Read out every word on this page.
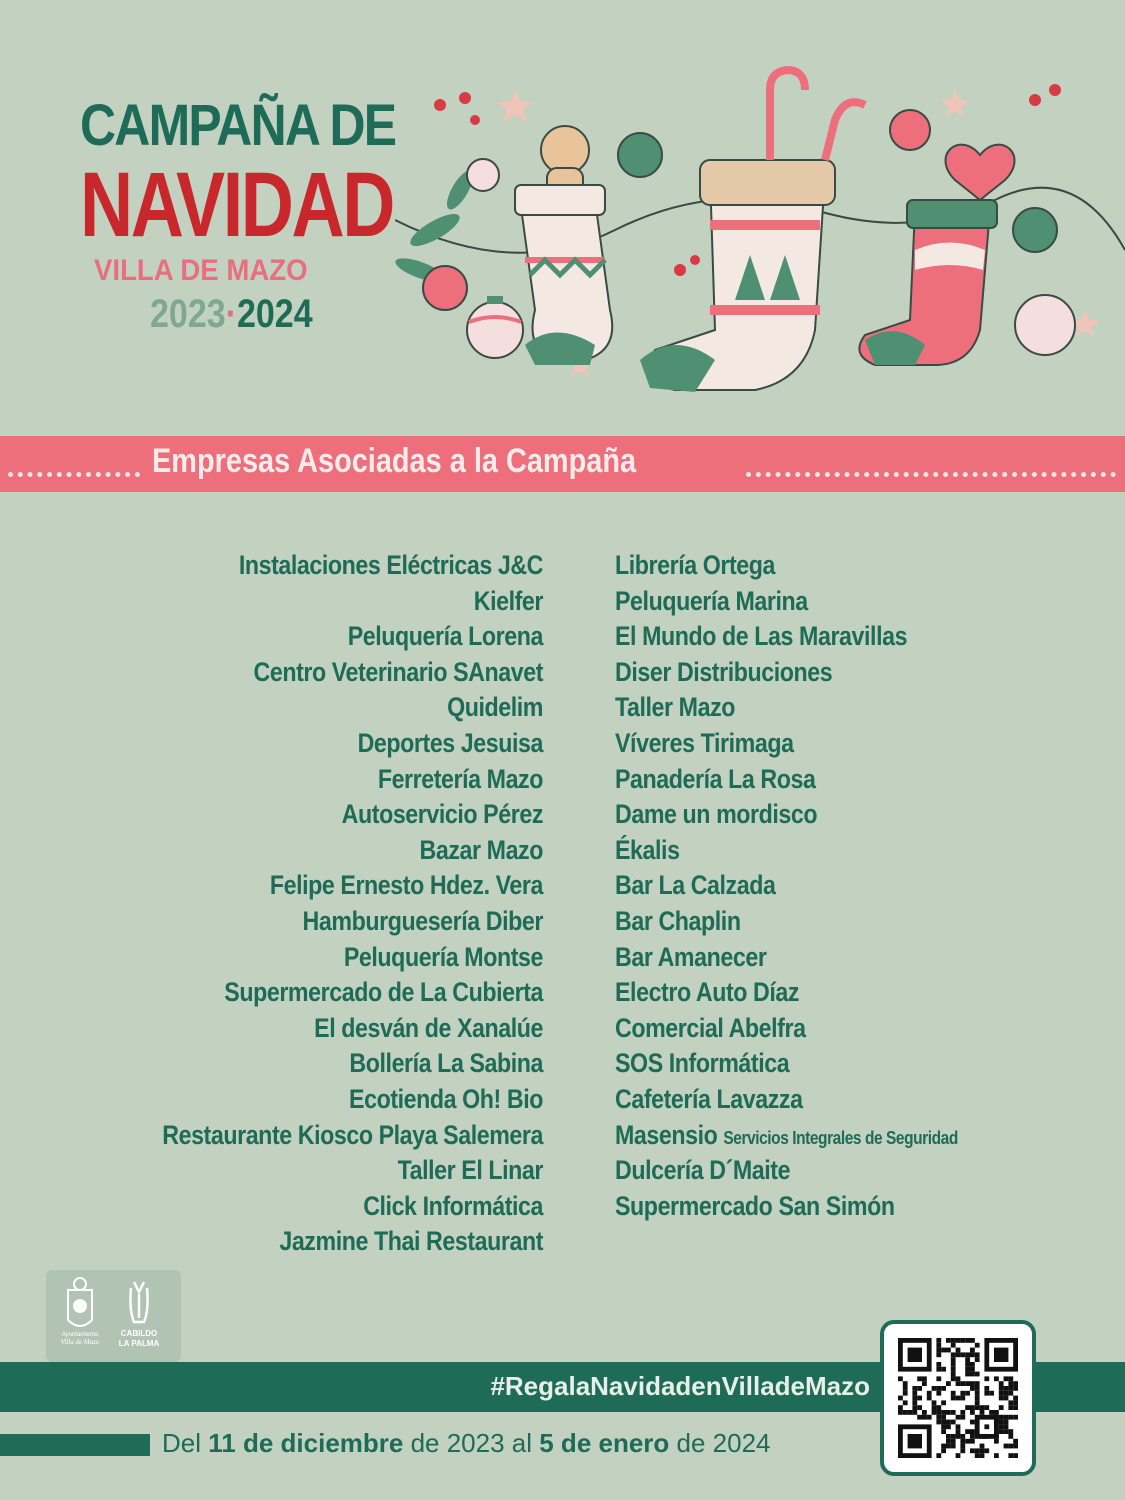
CAMPAÑA DE
NAVIDAD
VILLA DE MAZO
2023·2024
Empresas Asociadas a la Campaña
Instalaciones Eléctricas J&C
Kielfer
Peluquería Lorena
Centro Veterinario SAnavet
Quidelim
Deportes Jesuisa
Ferretería Mazo
Autoservicio Pérez
Bazar Mazo
Felipe Ernesto Hdez. Vera
Hamburguesería Diber
Peluquería Montse
Supermercado de La Cubierta
El desván de Xanalúe
Bollería La Sabina
Ecotienda Oh! Bio
Restaurante Kiosco Playa Salemera
Taller El Linar
Click Informática
Jazmine Thai Restaurant
Librería Ortega
Peluquería Marina
El Mundo de Las Maravillas
Diser Distribuciones
Taller Mazo
Víveres Tirimaga
Panadería La Rosa
Dame un mordisco
Ékalis
Bar La Calzada
Bar Chaplin
Bar Amanecer
Electro Auto Díaz
Comercial Abelfra
SOS Informática
Cafetería Lavazza
Masensio Servicios Integrales de Seguridad
Dulcería D´Maite
Supermercado San Simón
Ayuntamiento
Villa de Mazo
CABILDO
LA PALMA
#RegalaNavidadenVilladeMazo
Del 11 de diciembre de 2023 al 5 de enero de 2024
